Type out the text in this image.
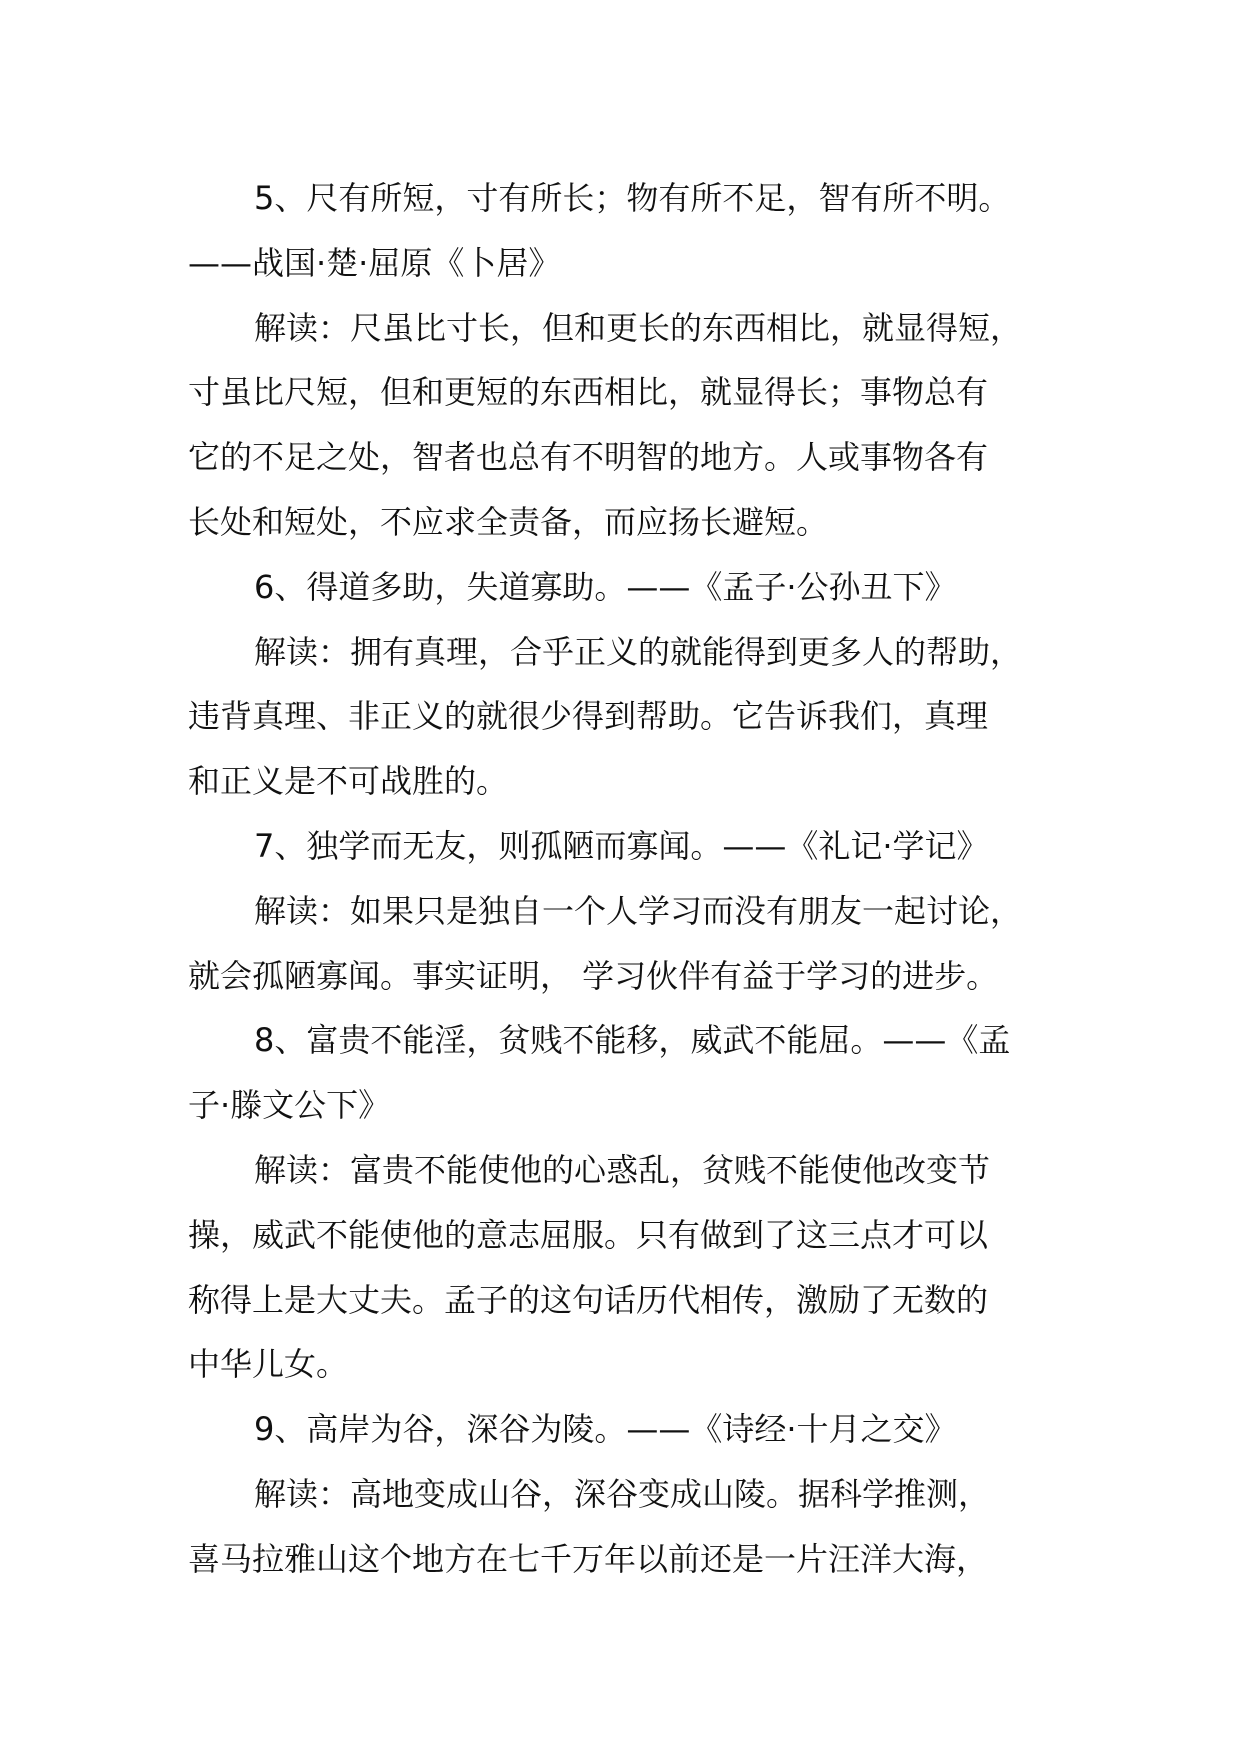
5、尺有所短，寸有所长；物有所不足，智有所不明。
——战国·楚·屈原《卜居》
解读：尺虽比寸长，但和更长的东西相比，就显得短，
寸虽比尺短，但和更短的东西相比，就显得长；事物总有
它的不足之处，智者也总有不明智的地方。人或事物各有
长处和短处，不应求全责备，而应扬长避短。
6、得道多助，失道寡助。——《孟子·公孙丑下》
解读：拥有真理，合乎正义的就能得到更多人的帮助，
违背真理、非正义的就很少得到帮助。它告诉我们，真理
和正义是不可战胜的。
7、独学而无友，则孤陋而寡闻。——《礼记·学记》
解读：如果只是独自一个人学习而没有朋友一起讨论，
就会孤陋寡闻。事实证明， 学习伙伴有益于学习的进步。
8、富贵不能淫，贫贱不能移，威武不能屈。——《孟
子·滕文公下》
解读：富贵不能使他的心惑乱，贫贱不能使他改变节
操，威武不能使他的意志屈服。只有做到了这三点才可以
称得上是大丈夫。孟子的这句话历代相传，激励了无数的
中华儿女。
9、高岸为谷，深谷为陵。——《诗经·十月之交》
解读：高地变成山谷，深谷变成山陵。据科学推测，
喜马拉雅山这个地方在七千万年以前还是一片汪洋大海，
